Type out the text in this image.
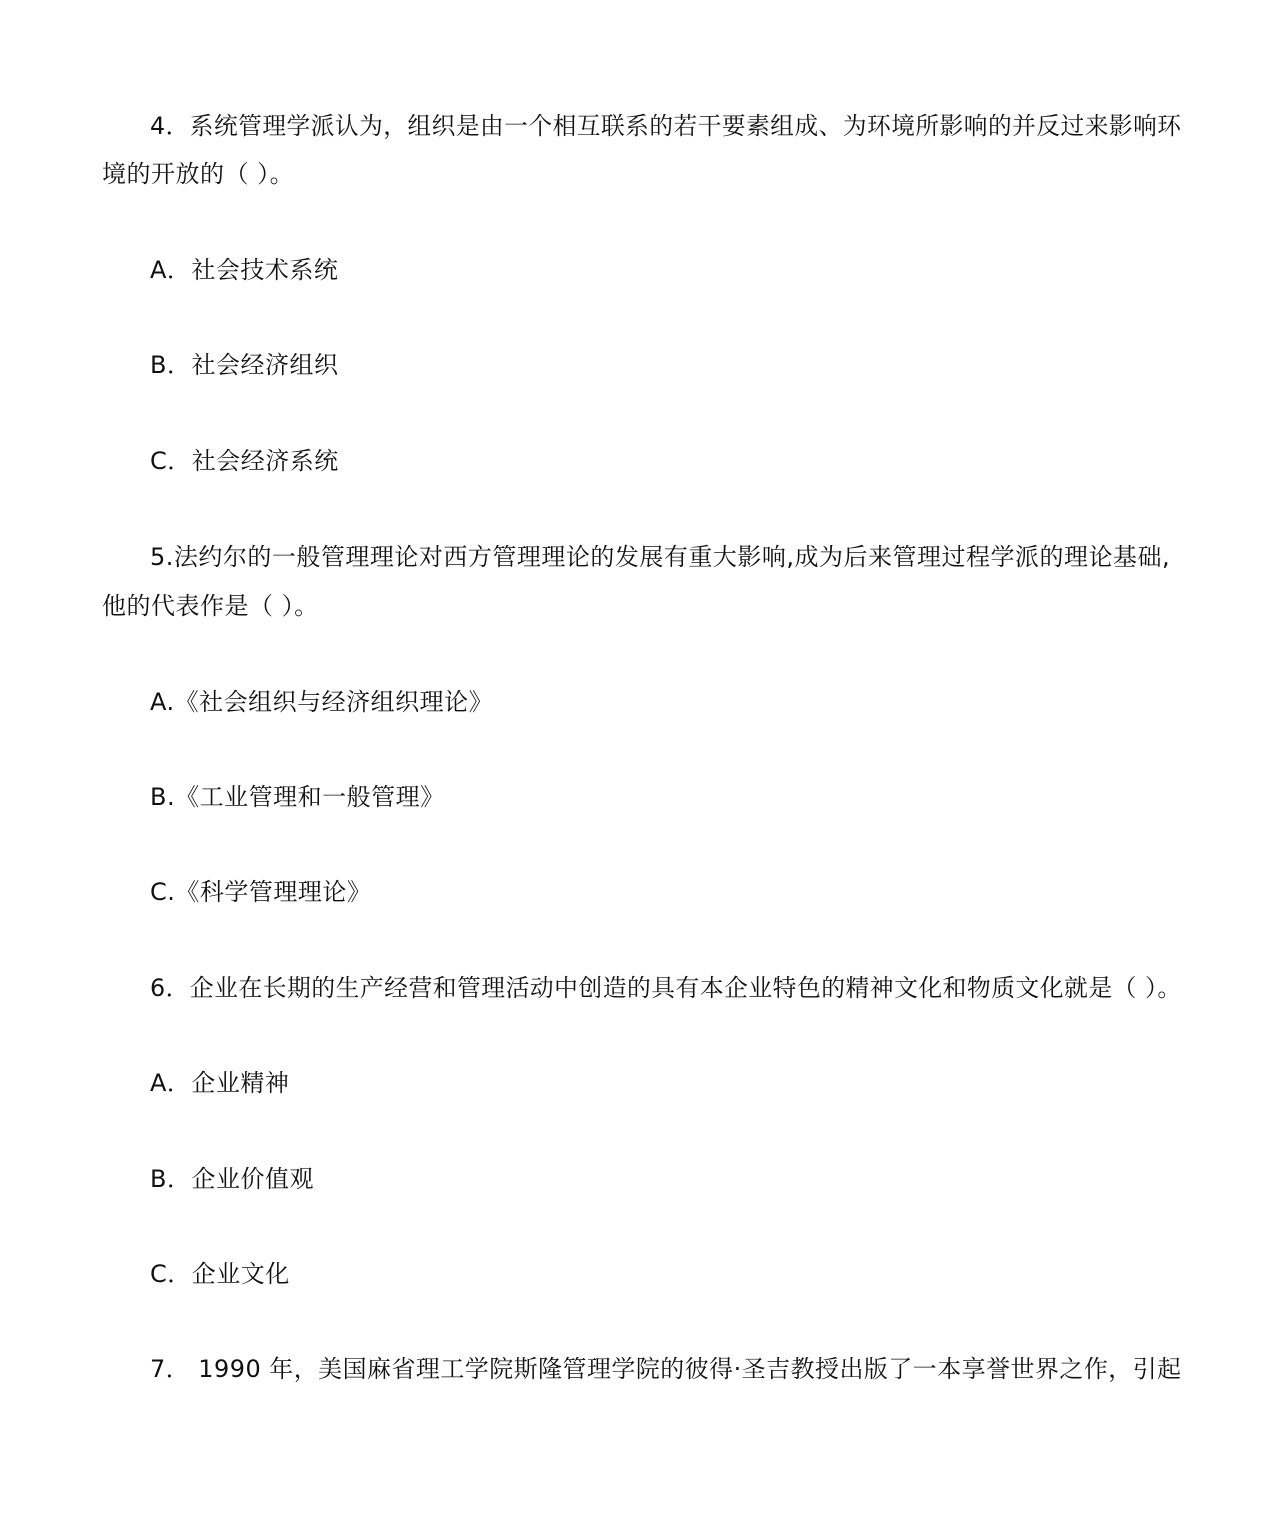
4．系统管理学派认为，组织是由一个相互联系的若干要素组成、为环境所影响的并反过来影响环
境的开放的（ ）。
A．社会技术系统
B．社会经济组织
C．社会经济系统
5.法约尔的一般管理理论对西方管理理论的发展有重大影响,成为后来管理过程学派的理论基础,
他的代表作是（ ）。
A.《社会组织与经济组织理论》
B.《工业管理和一般管理》
C.《科学管理理论》
6．企业在长期的生产经营和管理活动中创造的具有本企业特色的精神文化和物质文化就是（ ）。
A．企业精神
B．企业价值观
C．企业文化
7． 1990 年，美国麻省理工学院斯隆管理学院的彼得·圣吉教授出版了一本享誉世界之作，引起
